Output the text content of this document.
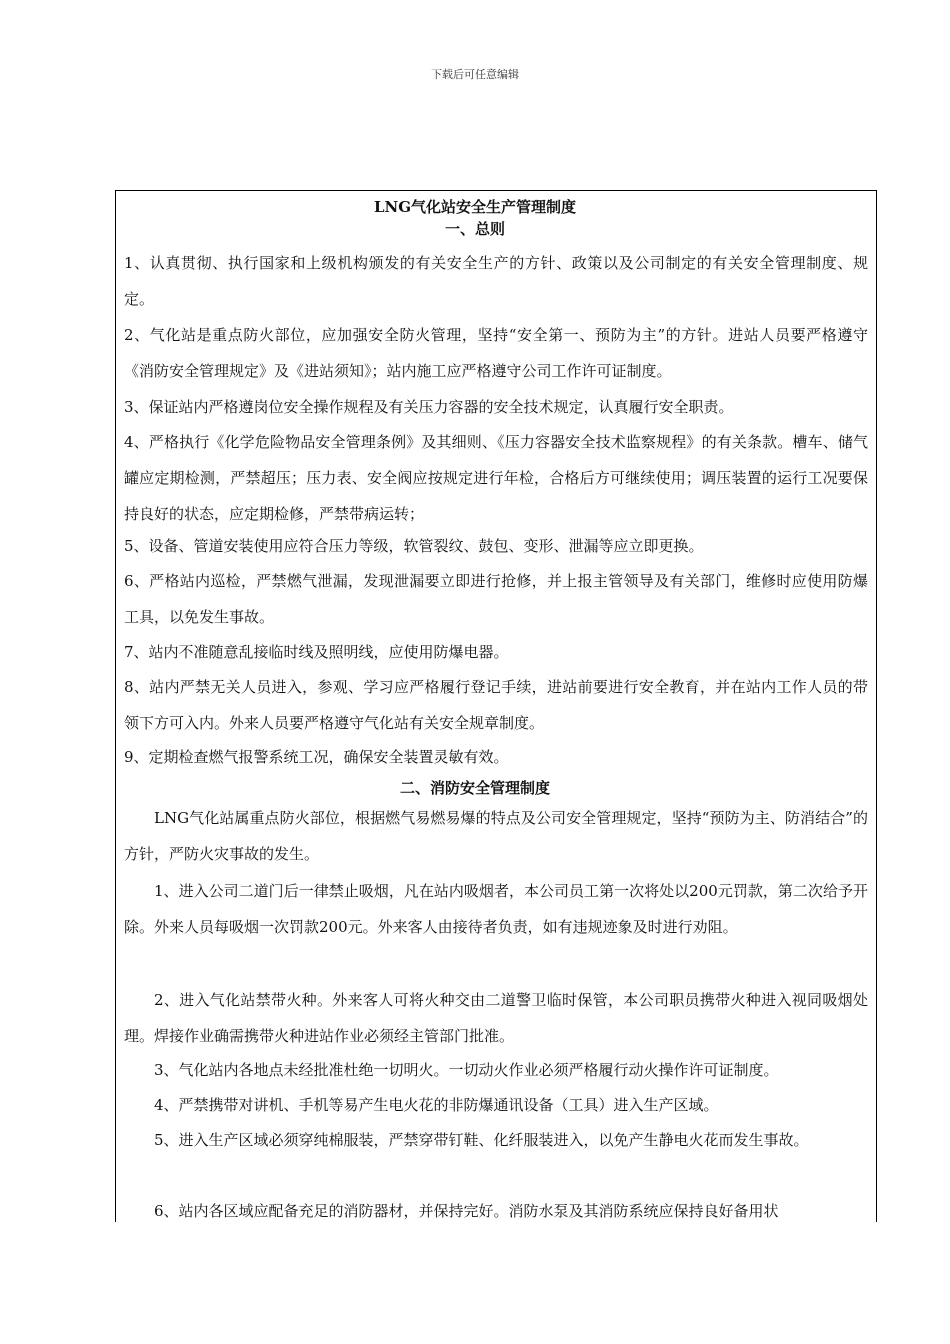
下载后可任意编辑
LNG气化站安全生产管理制度
一、总则
1、认真贯彻、执行国家和上级机构颁发的有关安全生产的方针、政策以及公司制定的有关安全管理制度、规定。
2、气化站是重点防火部位，应加强安全防火管理，坚持“安全第一、预防为主”的方针。进站人员要严格遵守《消防安全管理规定》及《进站须知》；站内施工应严格遵守公司工作许可证制度。
3、保证站内严格遵岗位安全操作规程及有关压力容器的安全技术规定，认真履行安全职责。
4、严格执行《化学危险物品安全管理条例》及其细则、《压力容器安全技术监察规程》的有关条款。槽车、储气罐应定期检测，严禁超压；压力表、安全阀应按规定进行年检，合格后方可继续使用；调压装置的运行工况要保持良好的状态，应定期检修，严禁带病运转；
5、设备、管道安装使用应符合压力等级，软管裂纹、鼓包、变形、泄漏等应立即更换。
6、严格站内巡检，严禁燃气泄漏，发现泄漏要立即进行抢修，并上报主管领导及有关部门，维修时应使用防爆工具，以免发生事故。
7、站内不准随意乱接临时线及照明线，应使用防爆电器。
8、站内严禁无关人员进入，参观、学习应严格履行登记手续，进站前要进行安全教育，并在站内工作人员的带领下方可入内。外来人员要严格遵守气化站有关安全规章制度。
9、定期检查燃气报警系统工况，确保安全装置灵敏有效。
二、消防安全管理制度
LNG气化站属重点防火部位，根据燃气易燃易爆的特点及公司安全管理规定，坚持“预防为主、防消结合”的方针，严防火灾事故的发生。
1、进入公司二道门后一律禁止吸烟，凡在站内吸烟者，本公司员工第一次将处以200元罚款，第二次给予开除。外来人员每吸烟一次罚款200元。外来客人由接待者负责，如有违规迹象及时进行劝阻。
2、进入气化站禁带火种。外来客人可将火种交由二道警卫临时保管，本公司职员携带火种进入视同吸烟处理。焊接作业确需携带火种进站作业必须经主管部门批准。
3、气化站内各地点未经批准杜绝一切明火。一切动火作业必须严格履行动火操作许可证制度。
4、严禁携带对讲机、手机等易产生电火花的非防爆通讯设备（工具）进入生产区域。
5、进入生产区域必须穿纯棉服装，严禁穿带钉鞋、化纤服装进入，以免产生静电火花而发生事故。
6、站内各区域应配备充足的消防器材，并保持完好。消防水泵及其消防系统应保持良好备用状
